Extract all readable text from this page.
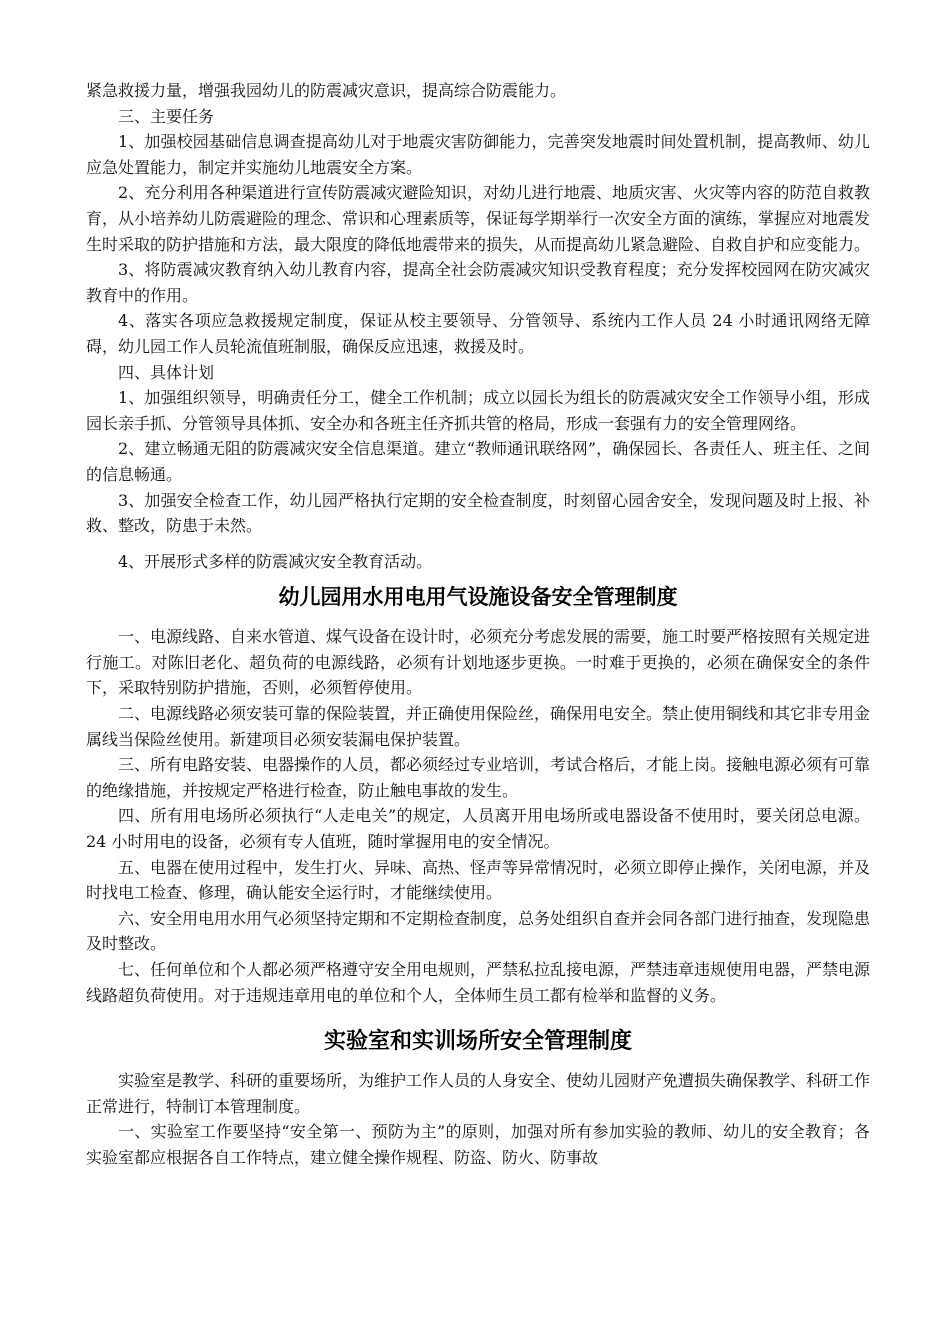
紧急救援力量，增强我园幼儿的防震减灾意识，提高综合防震能力。

三、主要任务

1、加强校园基础信息调查提高幼儿对于地震灾害防御能力，完善突发地震时间处置机制，提高教师、幼儿应急处置能力，制定并实施幼儿地震安全方案。

2、充分利用各种渠道进行宣传防震减灾避险知识，对幼儿进行地震、地质灾害、火灾等内容的防范自救教育，从小培养幼儿防震避险的理念、常识和心理素质等，保证每学期举行一次安全方面的演练，掌握应对地震发生时采取的防护措施和方法，最大限度的降低地震带来的损失，从而提高幼儿紧急避险、自救自护和应变能力。

3、将防震减灾教育纳入幼儿教育内容，提高全社会防震减灾知识受教育程度；充分发挥校园网在防灾减灾教育中的作用。

4、落实各项应急救援规定制度，保证从校主要领导、分管领导、系统内工作人员 24 小时通讯网络无障碍，幼儿园工作人员轮流值班制服，确保反应迅速，救援及时。

四、具体计划

1、加强组织领导，明确责任分工，健全工作机制；成立以园长为组长的防震减灾安全工作领导小组，形成园长亲手抓、分管领导具体抓、安全办和各班主任齐抓共管的格局，形成一套强有力的安全管理网络。

2、建立畅通无阻的防震减灾安全信息渠道。建立“教师通讯联络网”，确保园长、各责任人、班主任、之间的信息畅通。

3、加强安全检查工作，幼儿园严格执行定期的安全检查制度，时刻留心园舍安全，发现问题及时上报、补救、整改，防患于未然。

4、开展形式多样的防震减灾安全教育活动。

幼儿园用水用电用气设施设备安全管理制度

一、电源线路、自来水管道、煤气设备在设计时，必须充分考虑发展的需要，施工时要严格按照有关规定进行施工。对陈旧老化、超负荷的电源线路，必须有计划地逐步更换。一时难于更换的，必须在确保安全的条件下，采取特别防护措施，否则，必须暂停使用。

二、电源线路必须安装可靠的保险装置，并正确使用保险丝，确保用电安全。禁止使用铜线和其它非专用金属线当保险丝使用。新建项目必须安装漏电保护装置。

三、所有电路安装、电器操作的人员，都必须经过专业培训，考试合格后，才能上岗。接触电源必须有可靠的绝缘措施，并按规定严格进行检查，防止触电事故的发生。

四、所有用电场所必须执行“人走电关”的规定，人员离开用电场所或电器设备不使用时，要关闭总电源。24 小时用电的设备，必须有专人值班，随时掌握用电的安全情况。

五、电器在使用过程中，发生打火、异味、高热、怪声等异常情况时，必须立即停止操作，关闭电源，并及时找电工检查、修理，确认能安全运行时，才能继续使用。

六、安全用电用水用气必须坚持定期和不定期检查制度，总务处组织自查并会同各部门进行抽查，发现隐患及时整改。

七、任何单位和个人都必须严格遵守安全用电规则，严禁私拉乱接电源，严禁违章违规使用电器，严禁电源线路超负荷使用。对于违规违章用电的单位和个人，全体师生员工都有检举和监督的义务。

实验室和实训场所安全管理制度

实验室是教学、科研的重要场所，为维护工作人员的人身安全、使幼儿园财产免遭损失确保教学、科研工作正常进行，特制订本管理制度。

一、实验室工作要坚持“安全第一、预防为主”的原则，加强对所有参加实验的教师、幼儿的安全教育；各实验室都应根据各自工作特点，建立健全操作规程、防盗、防火、防事故
